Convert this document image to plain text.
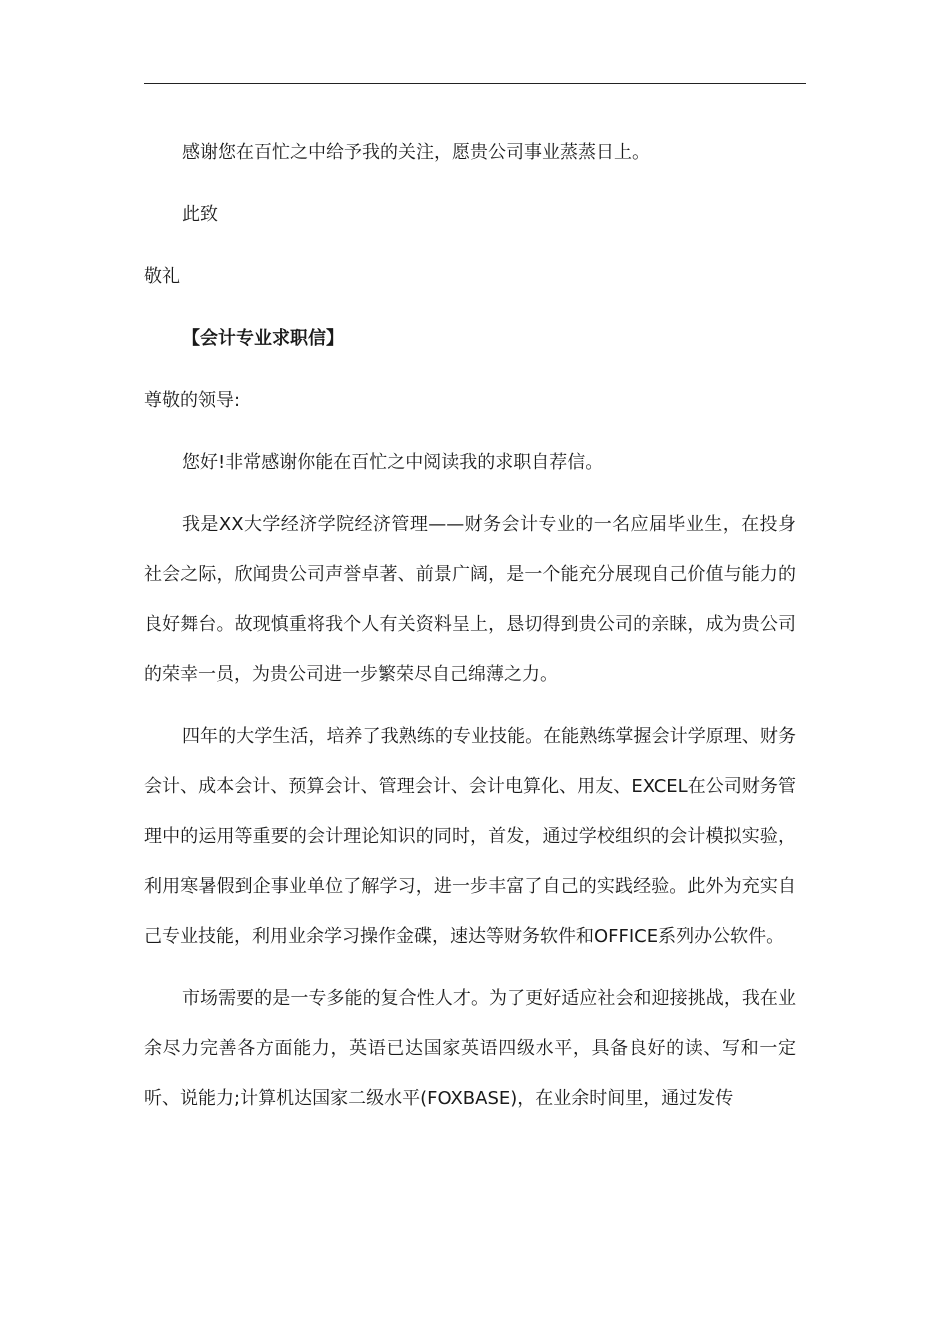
感谢您在百忙之中给予我的关注，愿贵公司事业蒸蒸日上。

此致

敬礼

【会计专业求职信】

尊敬的领导:

您好!非常感谢你能在百忙之中阅读我的求职自荐信。

我是XX大学经济学院经济管理——财务会计专业的一名应届毕业生，在投身社会之际，欣闻贵公司声誉卓著、前景广阔，是一个能充分展现自己价值与能力的良好舞台。故现慎重将我个人有关资料呈上，恳切得到贵公司的亲睐，成为贵公司的荣幸一员，为贵公司进一步繁荣尽自己绵薄之力。

四年的大学生活，培养了我熟练的专业技能。在能熟练掌握会计学原理、财务会计、成本会计、预算会计、管理会计、会计电算化、用友、EXCEL在公司财务管理中的运用等重要的会计理论知识的同时，首发，通过学校组织的会计模拟实验，利用寒暑假到企事业单位了解学习，进一步丰富了自己的实践经验。此外为充实自己专业技能，利用业余学习操作金碟，速达等财务软件和OFFICE系列办公软件。

市场需要的是一专多能的复合性人才。为了更好适应社会和迎接挑战，我在业余尽力完善各方面能力，英语已达国家英语四级水平，具备良好的读、写和一定听、说能力;计算机达国家二级水平(FOXBASE)，在业余时间里，通过发传
